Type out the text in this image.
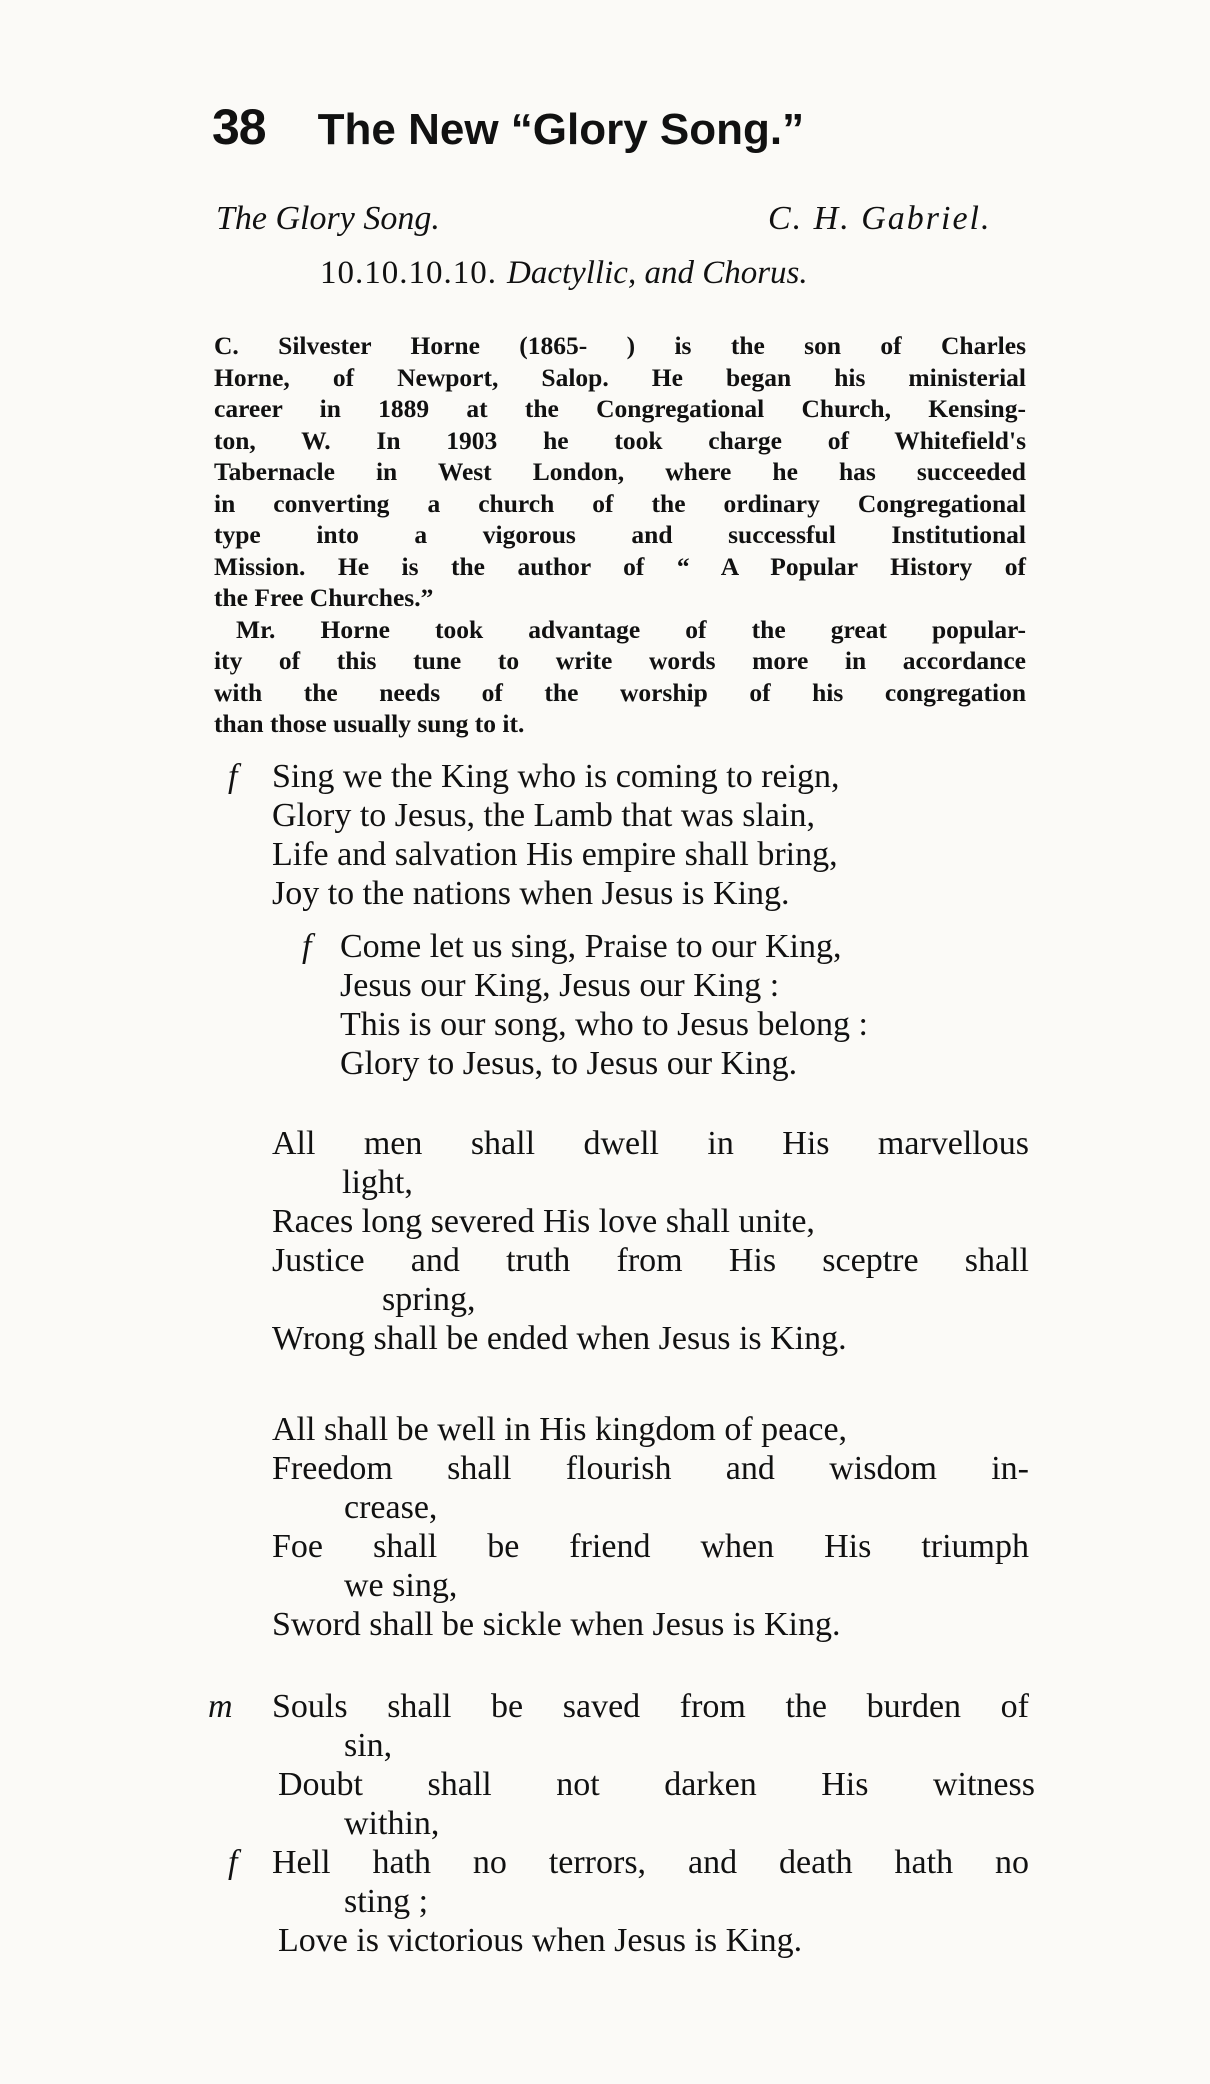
38 The New “Glory Song.”
The Glory Song.	C. H. Gabriel.
10.10.10.10. Dactyllic, and Chorus.

C. Silvester Horne (1865- ) is the son of Charles
Horne, of Newport, Salop. He began his ministerial
career in 1889 at the Congregational Church, Kensing-
ton, W. In 1903 he took charge of Whitefield's
Tabernacle in West London, where he has succeeded
in converting a church of the ordinary Congregational
type into a vigorous and successful Institutional
Mission. He is the author of “ A Popular History of
the Free Churches.”

Mr. Horne took advantage of the great popular-
ity of this tune to write words more in accordance
with the needs of the worship of his congregation
than those usually sung to it.

f Sing we the King who is coming to reign,
Glory to Jesus, the Lamb that was slain,
Life and salvation His empire shall bring,
Joy to the nations when Jesus is King.
f Come let us sing, Praise to our King,
Jesus our King, Jesus our King :
This is our song, who to Jesus belong :
Glory to Jesus, to Jesus our King.
All men shall dwell in His marvellous
light,
Races long severed His love shall unite,
Justice and truth from His sceptre shall
spring,
Wrong shall be ended when Jesus is King.
All shall be well in His kingdom of peace,
Freedom shall flourish and wisdom in-
crease,
Foe shall be friend when His triumph
we sing,
Sword shall be sickle when Jesus is King.
m Souls shall be saved from the burden of
sin,
Doubt shall not darken His witness
within,
f Hell hath no terrors, and death hath no
sting ;
Love is victorious when Jesus is King.
